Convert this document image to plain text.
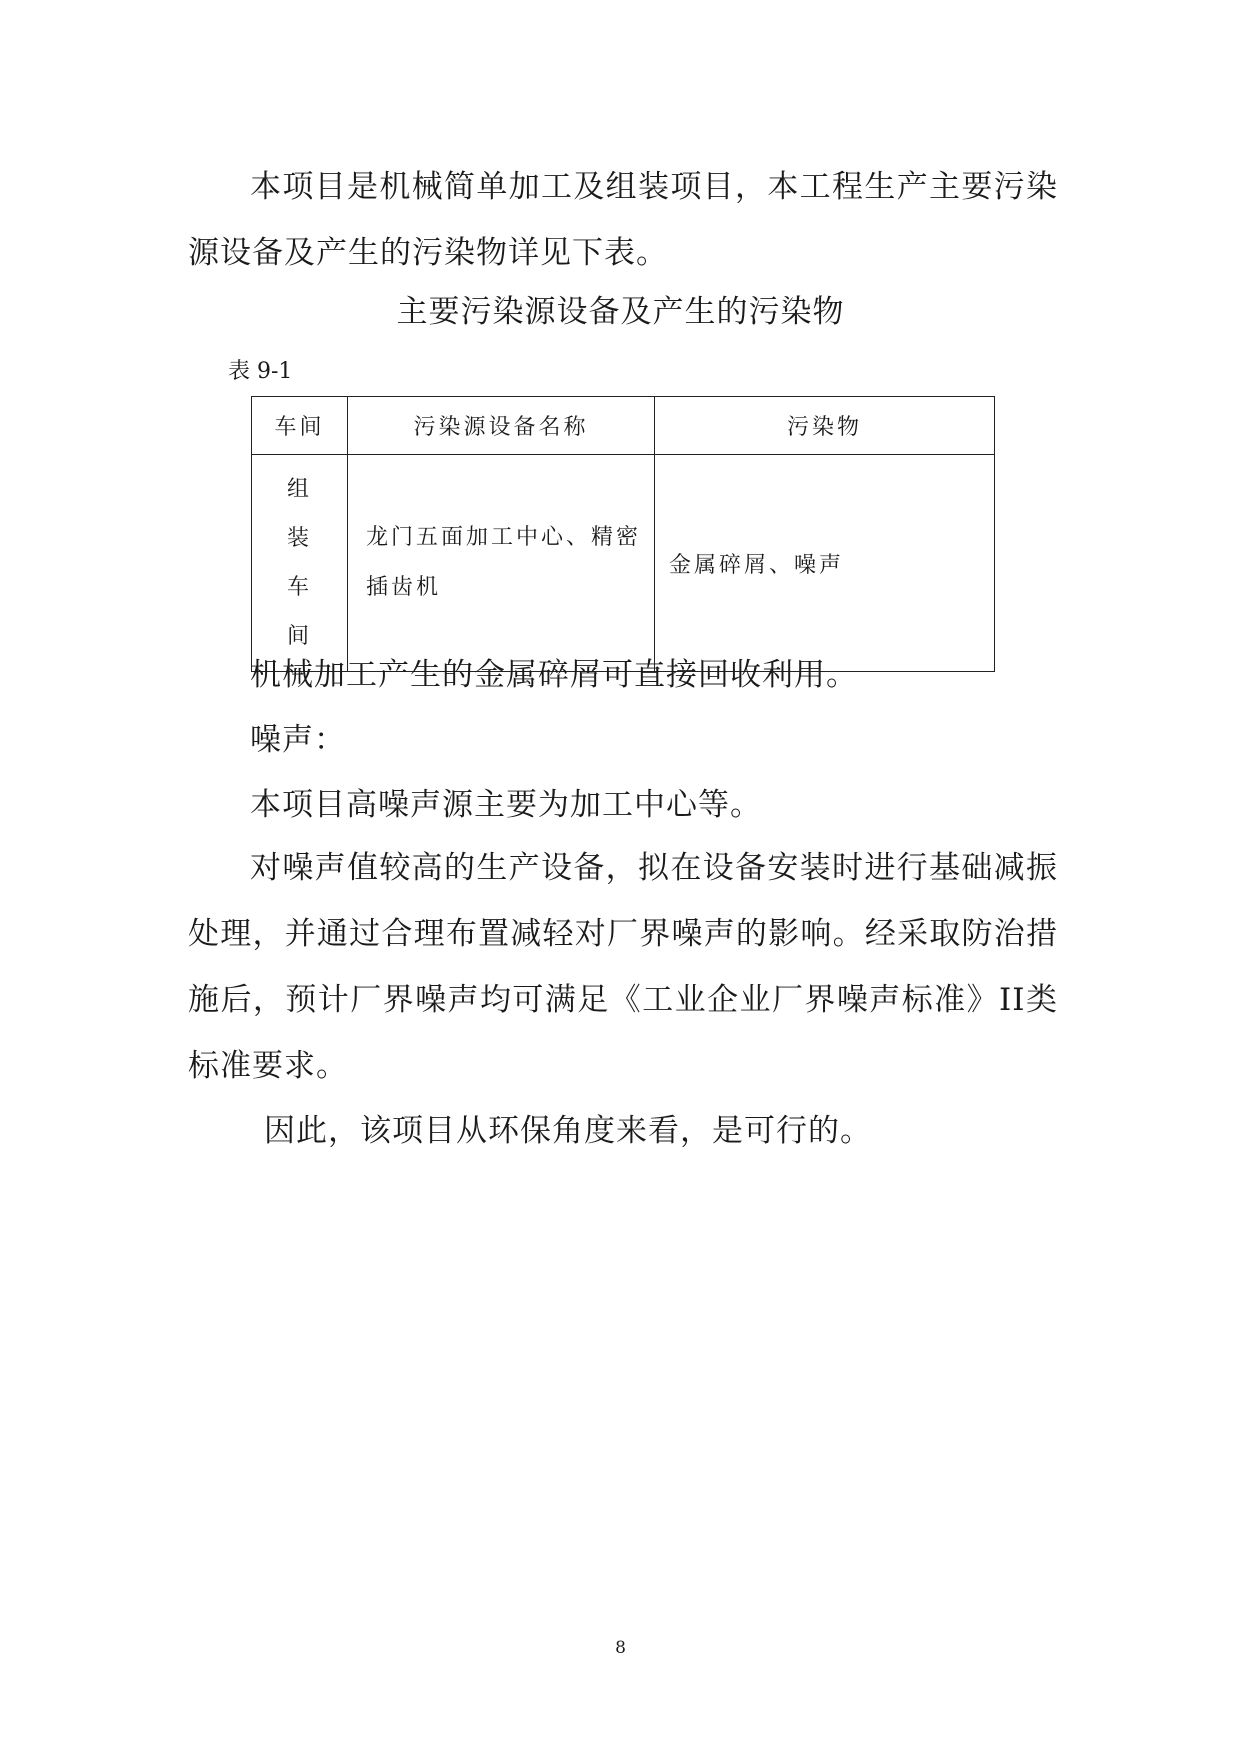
本项目是机械简单加工及组装项目，本工程生产主要污染源设备及产生的污染物详见下表。

主要污染源设备及产生的污染物

表 9-1

车间	污染源设备名称	污染物

组
装
车
间	龙门五面加工中心、精密插齿机	金属碎屑、噪声

机械加工产生的金属碎屑可直接回收利用。

噪声：

本项目高噪声源主要为加工中心等。

对噪声值较高的生产设备，拟在设备安装时进行基础减振处理，并通过合理布置减轻对厂界噪声的影响。经采取防治措施后，预计厂界噪声均可满足《工业企业厂界噪声标准》II类标准要求。

因此，该项目从环保角度来看，是可行的。

8
